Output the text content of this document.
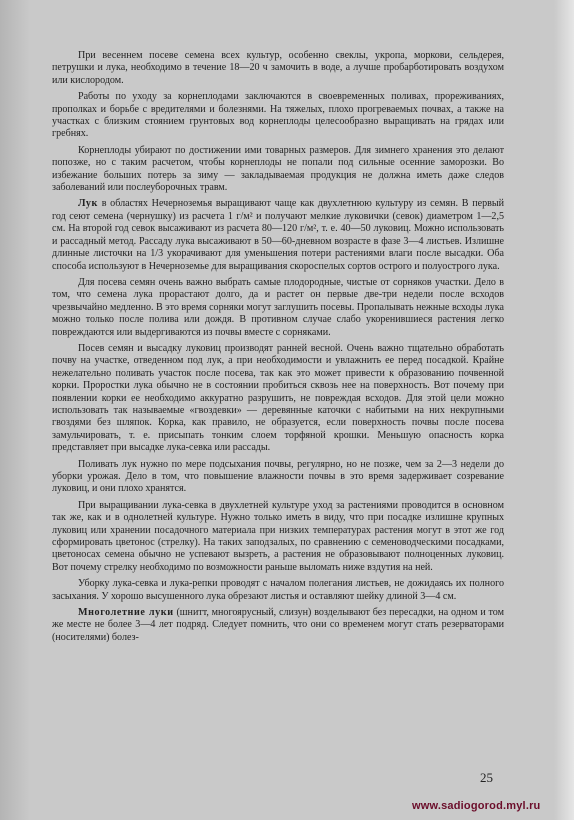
При весеннем посеве семена всех культур, особенно свеклы, укропа, моркови, сельдерея, петрушки и лука, необходимо в течение 18—20 ч замочить в воде, а лучше пробарботировать воздухом или кислородом.

Работы по уходу за корнеплодами заключаются в своевременных поливах, прореживаниях, прополках и борьбе с вредителями и болезнями. На тяжелых, плохо прогреваемых почвах, а также на участках с близким стоянием грунтовых вод корнеплоды целесообразно выращивать на грядах или гребнях.

Корнеплоды убирают по достижении ими товарных размеров. Для зимнего хранения это делают попозже, но с таким расчетом, чтобы корнеплоды не попали под сильные осенние заморозки. Во избежание больших потерь за зиму — закладываемая продукция не должна иметь даже следов заболеваний или послеуборочных травм.

Лук в областях Нечерноземья выращивают чаще как двухлетнюю культуру из семян. В первый год сеют семена (чернушку) из расчета 1 г/м² и получают мелкие луковички (севок) диаметром 1—2,5 см. На второй год севок высаживают из расчета 80—120 г/м², т. е. 40—50 луковиц. Можно использовать и рассадный метод. Рассаду лука высаживают в 50—60-дневном возрасте в фазе 3—4 листьев. Излишне длинные листочки на 1/3 укорачивают для уменьшения потери растениями влаги после высадки. Оба способа используют в Нечерноземье для выращивания скороспелых сортов острого и полуострого лука.

Для посева семян очень важно выбрать самые плодородные, чистые от сорняков участки. Дело в том, что семена лука прорастают долго, да и растет он первые две-три недели после всходов чрезвычайно медленно. В это время сорняки могут заглушить посевы. Пропалывать нежные всходы лука можно только после полива или дождя. В противном случае слабо укоренившиеся растения легко повреждаются или выдергиваются из почвы вместе с сорняками.

Посев семян и высадку луковиц производят ранней весной. Очень важно тщательно обработать почву на участке, отведенном под лук, а при необходимости и увлажнить ее перед посадкой. Крайне нежелательно поливать участок после посева, так как это может привести к образованию почвенной корки. Проростки лука обычно не в состоянии пробиться сквозь нее на поверхность. Вот почему при появлении корки ее необходимо аккуратно разрушить, не повреждая всходов. Для этой цели можно использовать так называемые «гвоздевки» — деревянные каточки с набитыми на них некрупными гвоздями без шляпок. Корка, как правило, не образуется, если поверхность почвы после посева замульчировать, т. е. присыпать тонким слоем торфяной крошки. Меньшую опасность корка представляет при высадке лука-севка или рассады.

Поливать лук нужно по мере подсыхания почвы, регулярно, но не позже, чем за 2—3 недели до уборки урожая. Дело в том, что повышение влажности почвы в это время задерживает созревание луковиц, и они плохо хранятся.

При выращивании лука-севка в двухлетней культуре уход за растениями проводится в основном так же, как и в однолетней культуре. Нужно только иметь в виду, что при посадке излишне крупных луковиц или хранении посадочного материала при низких температурах растения могут в этот же год сформировать цветонос (стрелку). На таких заподзалых, по сравнению с семеноводческими посадками, цветоносах семена обычно не успевают вызреть, а растения не образовывают полноценных луковиц. Вот почему стрелку необходимо по возможности раньше выломать ниже вздутия на ней.

Уборку лука-севка и лука-репки проводят с началом полегания листьев, не дожидаясь их полного засыхания. У хорошо высушенного лука обрезают листья и оставляют шейку длиной 3—4 см.

Многолетние луки (шнитт, многоярусный, слизун) возделывают без пересадки, на одном и том же месте не более 3—4 лет подряд. Следует помнить, что они со временем могут стать резерваторами (носителями) болез-

25
www.sadiogorod.myl.ru
